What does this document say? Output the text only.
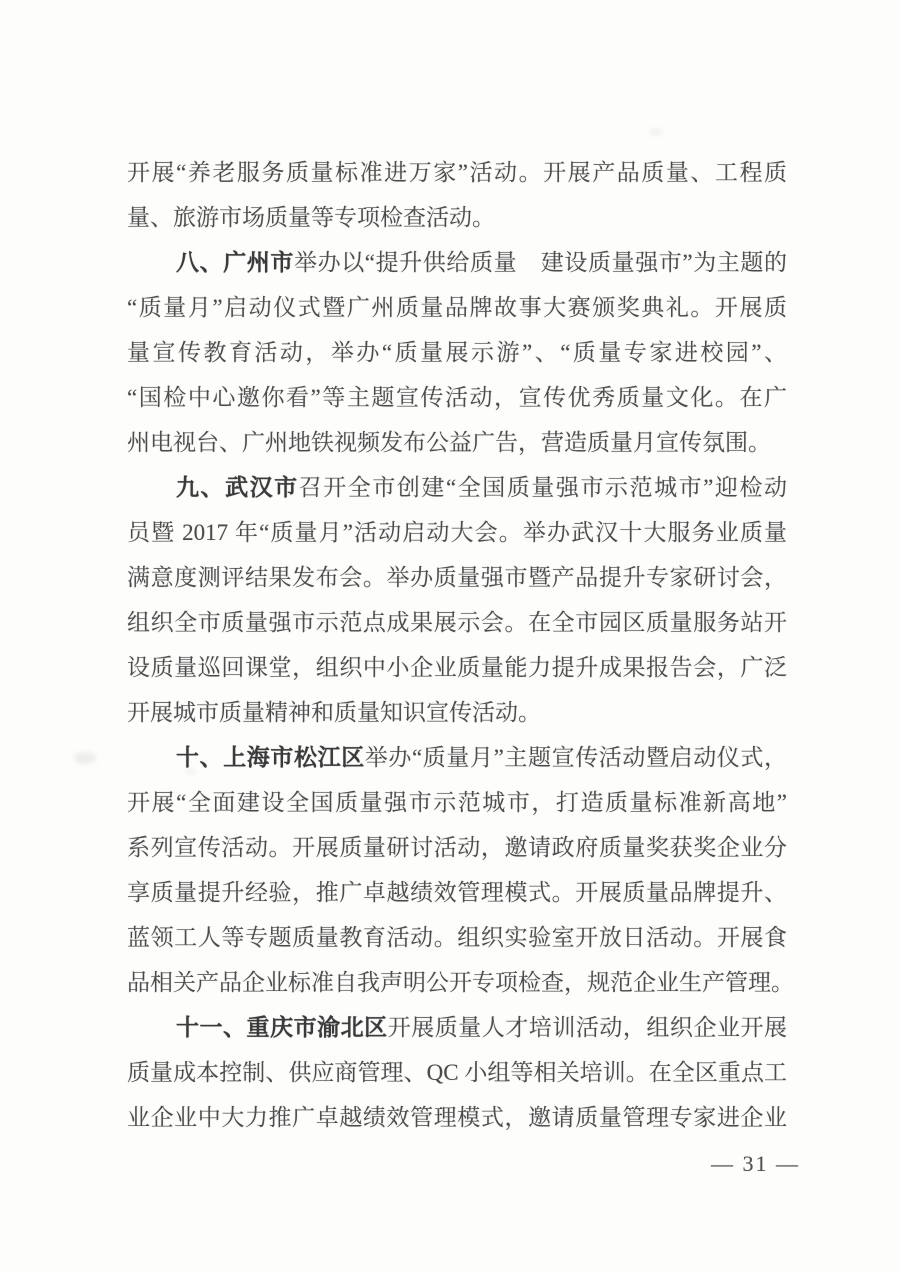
开展“养老服务质量标准进万家”活动。开展产品质量、工程质
量、旅游市场质量等专项检查活动。
八、广州市举办以“提升供给质量　建设质量强市”为主题的
“质量月”启动仪式暨广州质量品牌故事大赛颁奖典礼。开展质
量宣传教育活动，举办“质量展示游”、“质量专家进校园”、
“国检中心邀你看”等主题宣传活动，宣传优秀质量文化。在广
州电视台、广州地铁视频发布公益广告，营造质量月宣传氛围。
九、武汉市召开全市创建“全国质量强市示范城市”迎检动
员暨 2017 年“质量月”活动启动大会。举办武汉十大服务业质量
满意度测评结果发布会。举办质量强市暨产品提升专家研讨会，
组织全市质量强市示范点成果展示会。在全市园区质量服务站开
设质量巡回课堂，组织中小企业质量能力提升成果报告会，广泛
开展城市质量精神和质量知识宣传活动。
十、上海市松江区举办“质量月”主题宣传活动暨启动仪式，
开展“全面建设全国质量强市示范城市，打造质量标准新高地”
系列宣传活动。开展质量研讨活动，邀请政府质量奖获奖企业分
享质量提升经验，推广卓越绩效管理模式。开展质量品牌提升、
蓝领工人等专题质量教育活动。组织实验室开放日活动。开展食
品相关产品企业标准自我声明公开专项检查，规范企业生产管理。
十一、重庆市渝北区开展质量人才培训活动，组织企业开展
质量成本控制、供应商管理、QC 小组等相关培训。在全区重点工
业企业中大力推广卓越绩效管理模式，邀请质量管理专家进企业
— 31 —
